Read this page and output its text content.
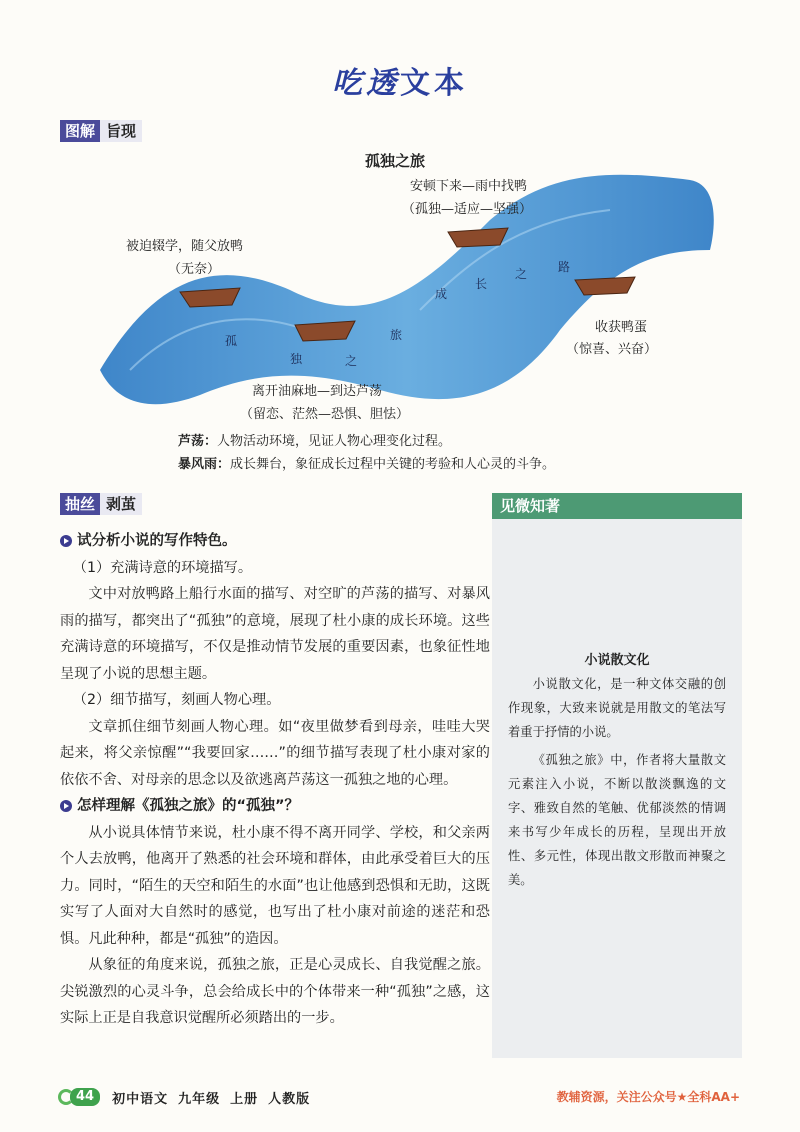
吃透文本
图解 旨现
孤独之旅
被迫辍学，随父放鸭
（无奈）
安顿下来—雨中找鸭
（孤独—适应—坚强）
收获鸭蛋
（惊喜、兴奋）
离开油麻地—到达芦荡
（留恋、茫然—恐惧、胆怯）
孤
独	之
旅
成
长
之	路
芦荡：人物活动环境，见证人物心理变化过程。
暴风雨：成长舞台，象征成长过程中关键的考验和人心灵的斗争。
抽丝 剥茧
试分析小说的写作特色。

（1）充满诗意的环境描写。

文中对放鸭路上船行水面的描写、对空旷的芦荡的描写、对暴风雨的描写，都突出了“孤独”的意境，展现了杜小康的成长环境。这些充满诗意的环境描写，不仅是推动情节发展的重要因素，也象征性地呈现了小说的思想主题。

（2）细节描写，刻画人物心理。

文章抓住细节刻画人物心理。如“夜里做梦看到母亲，哇哇大哭起来，将父亲惊醒”“我要回家……”的细节描写表现了杜小康对家的依依不舍、对母亲的思念以及欲逃离芦荡这一孤独之地的心理。

怎样理解《孤独之旅》的“孤独”？

从小说具体情节来说，杜小康不得不离开同学、学校，和父亲两个人去放鸭，他离开了熟悉的社会环境和群体，由此承受着巨大的压力。同时，“陌生的天空和陌生的水面”也让他感到恐惧和无助，这既实写了人面对大自然时的感觉，也写出了杜小康对前途的迷茫和恐惧。凡此种种，都是“孤独”的造因。

从象征的角度来说，孤独之旅，正是心灵成长、自我觉醒之旅。尖锐激烈的心灵斗争，总会给成长中的个体带来一种“孤独”之感，这实际上正是自我意识觉醒所必须踏出的一步。

见微知著
小说散文化

小说散文化，是一种文体交融的创作现象，大致来说就是用散文的笔法写着重于抒情的小说。

《孤独之旅》中，作者将大量散文元素注入小说，不断以散淡飘逸的文字、雅致自然的笔触、优郁淡然的情调来书写少年成长的历程，呈现出开放性、多元性，体现出散文形散而神聚之美。

44	初中语文 九年级 上册 人教版	教辅资源，关注公众号★全科AA+
